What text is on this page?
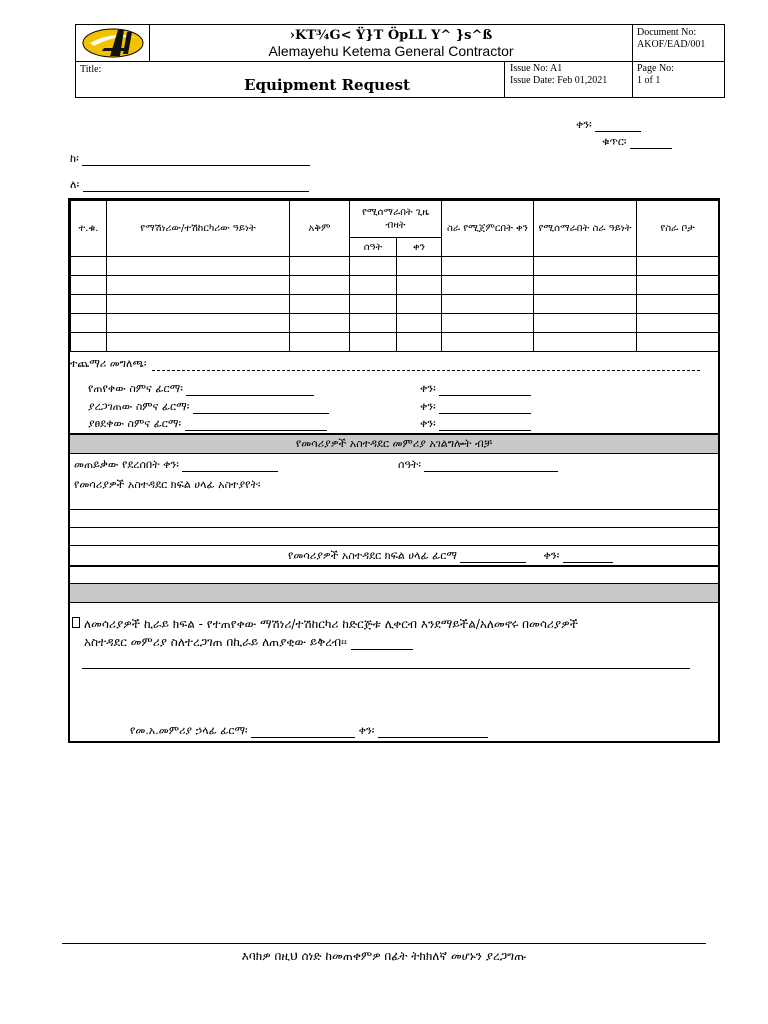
›KT¾G< Ÿ}T ÖpLL Y^ }s^ß
Alemayehu Ketema General Contractor
Document No:
AKOF/EAD/001
Title:
Equipment Request
Issue No: A1
Issue Date: Feb 01,2021
Page No:
1 of 1
ቀን፡
ቁጥር፡
ከ፡
ለ፡
ተ.ቁ.	የማሽነሪው/ተሽከርካሪው ዓይነት	አቅም	የሚሰማራበት ጊዜ ብዛት		ስራ የሚጀምርበት ቀን	የሚሰማራበት ስራ ዓይነት	የስራ ቦታ
			ሰዓት	ቀን			

ተጨማሪ መግለጫ፡
የጠየቀው ስምና ፊርማ፡	ቀን፡
ያረጋገጠው ስምና ፊርማ፡	ቀን፡
ያፀደቀው ስምና ፊርማ፡	ቀን፡
የመሳሪያዎች አስተዳደር መምሪያ አገልግሎት ብቻ
መጠይቃው የደረሰበት ቀን፡	ሰዓት፡
የመሳሪያዎች አስተዳደር ክፍል ሀላፊ አስተያየት፡
የመሳሪያዎች አስተዳደር ክፍል ሀላፊ ፊርማ	ቀን፡
ለመሳሪያዎች ኪራይ ክፍል - የተጠየቀው ማሽነሪ/ተሽከርካሪ ከድርጅቱ ሊቀርብ እንደማይችል/አለመኖሩ በመሳሪያዎች
አስተዳደር መምሪያ ስለተረጋገጠ በኪራይ ለጠያቂው ይቅረብ፡፡
የመ.አ.መምሪያ ኃላፊ ፊርማ፡	ቀን፡
እባክዎ በዚህ ሰነድ ከመጠቀምዎ በፊት ትክክለኛ መሆኑን ያረጋግጡ
